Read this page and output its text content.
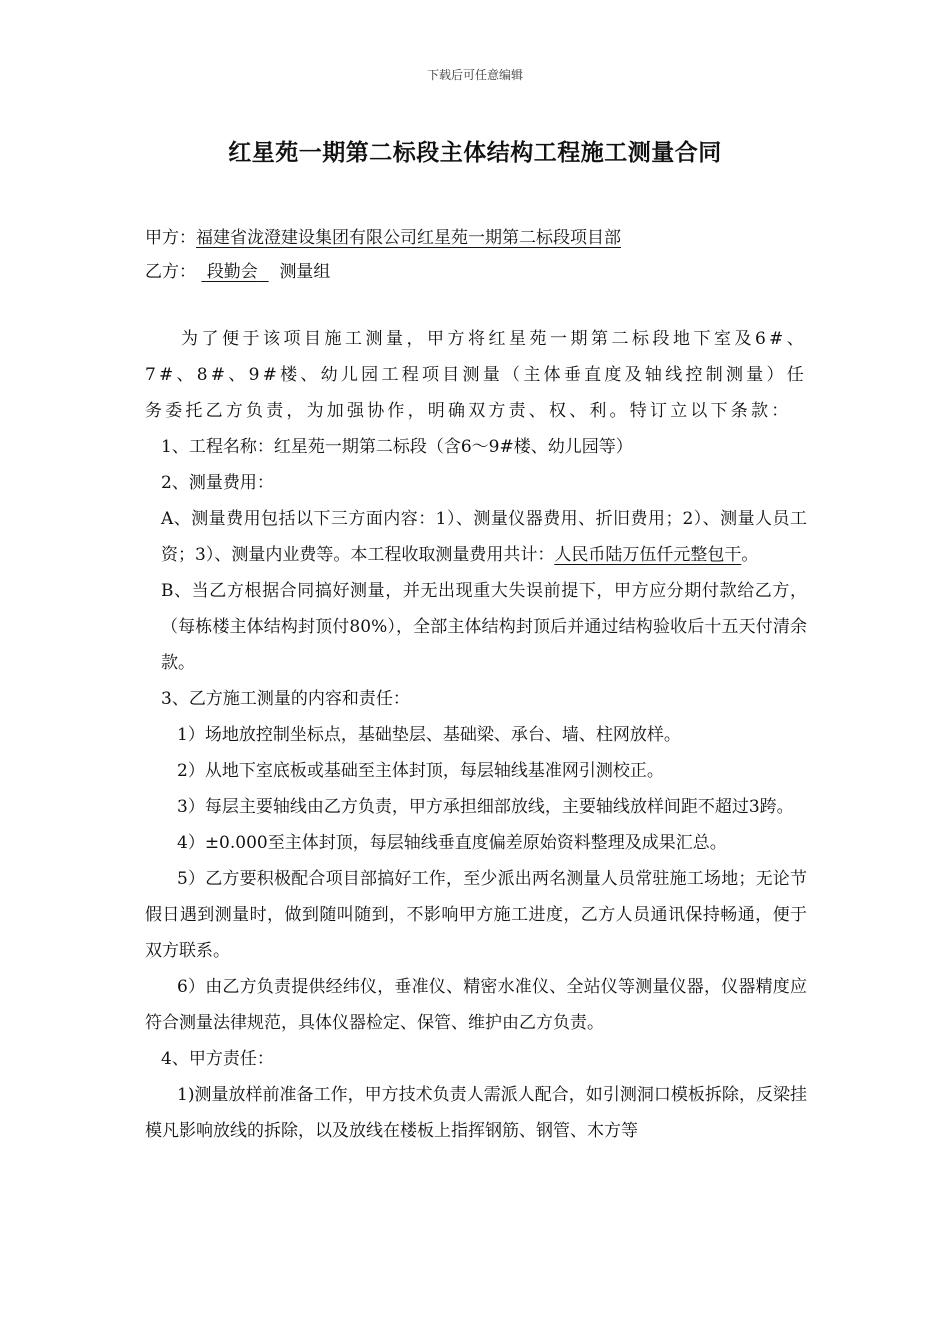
下载后可任意编辑
红星苑一期第二标段主体结构工程施工测量合同
甲方：福建省泷澄建设集团有限公司红星苑一期第二标段项目部
乙方： 段勤会 测量组

为了便于该项目施工测量，甲方将红星苑一期第二标段地下室及6#、7#、8#、9#楼、幼儿园工程项目测量（主体垂直度及轴线控制测量）任务委托乙方负责，为加强协作，明确双方责、权、利。特订立以下条款：

1、工程名称：红星苑一期第二标段（含6～9#楼、幼儿园等）

2、测量费用：

A、测量费用包括以下三方面内容：1）、测量仪器费用、折旧费用；2）、测量人员工资；3）、测量内业费等。本工程收取测量费用共计：人民币陆万伍仟元整包干。

B、当乙方根据合同搞好测量，并无出现重大失误前提下，甲方应分期付款给乙方，（每栋楼主体结构封顶付80%），全部主体结构封顶后并通过结构验收后十五天付清余款。

3、乙方施工测量的内容和责任：

1）场地放控制坐标点，基础垫层、基础梁、承台、墙、柱网放样。

2）从地下室底板或基础至主体封顶，每层轴线基准网引测校正。

3）每层主要轴线由乙方负责，甲方承担细部放线，主要轴线放样间距不超过3跨。

4）±0.000至主体封顶，每层轴线垂直度偏差原始资料整理及成果汇总。

5）乙方要积极配合项目部搞好工作，至少派出两名测量人员常驻施工场地；无论节假日遇到测量时，做到随叫随到，不影响甲方施工进度，乙方人员通讯保持畅通，便于双方联系。

6）由乙方负责提供经纬仪，垂准仪、精密水准仪、全站仪等测量仪器，仪器精度应符合测量法律规范，具体仪器检定、保管、维护由乙方负责。

4、甲方责任：

1)测量放样前准备工作，甲方技术负责人需派人配合，如引测洞口模板拆除，反梁挂模凡影响放线的拆除，以及放线在楼板上指挥钢筋、钢管、木方等
